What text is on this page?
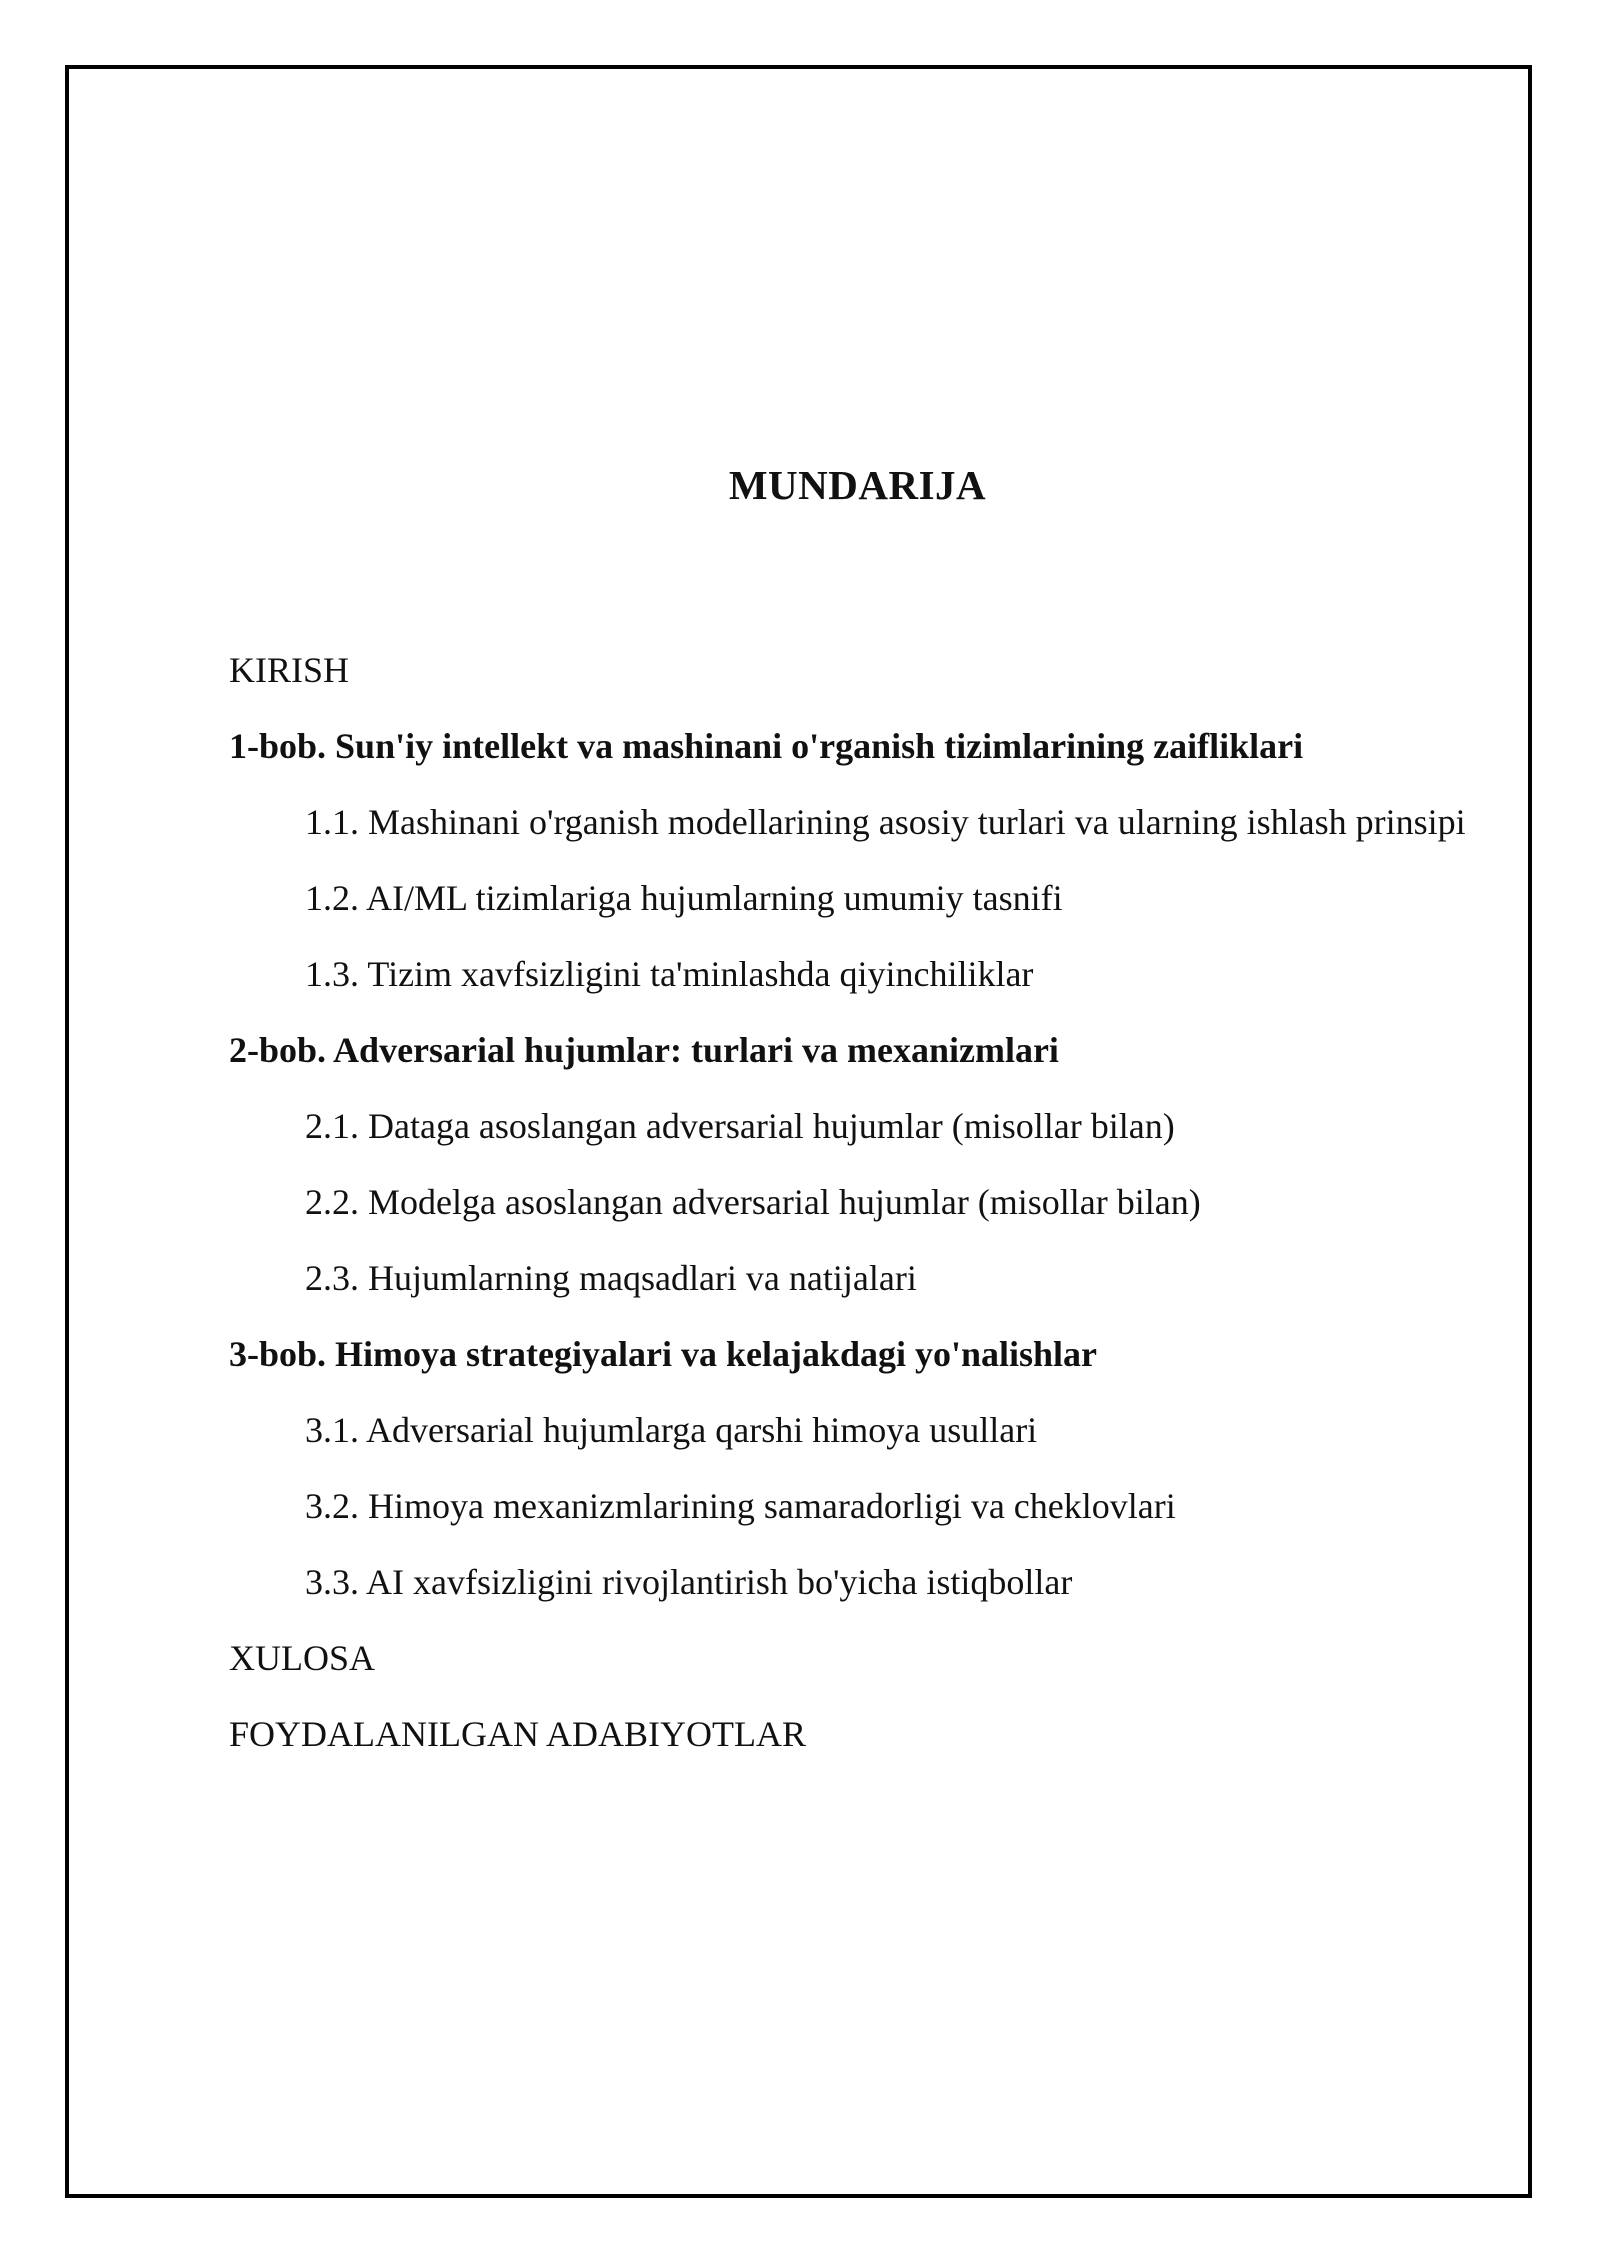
MUNDARIJA
KIRISH
1-bob. Sun'iy intellekt va mashinani o'rganish tizimlarining zaifliklari
1.1. Mashinani o'rganish modellarining asosiy turlari va ularning ishlash prinsipi
1.2. AI/ML tizimlariga hujumlarning umumiy tasnifi
1.3. Tizim xavfsizligini ta'minlashda qiyinchiliklar
2-bob. Adversarial hujumlar: turlari va mexanizmlari
2.1. Dataga asoslangan adversarial hujumlar (misollar bilan)
2.2. Modelga asoslangan adversarial hujumlar (misollar bilan)
2.3. Hujumlarning maqsadlari va natijalari
3-bob. Himoya strategiyalari va kelajakdagi yo'nalishlar
3.1. Adversarial hujumlarga qarshi himoya usullari
3.2. Himoya mexanizmlarining samaradorligi va cheklovlari
3.3. AI xavfsizligini rivojlantirish bo'yicha istiqbollar
XULOSA
FOYDALANILGAN ADABIYOTLAR
